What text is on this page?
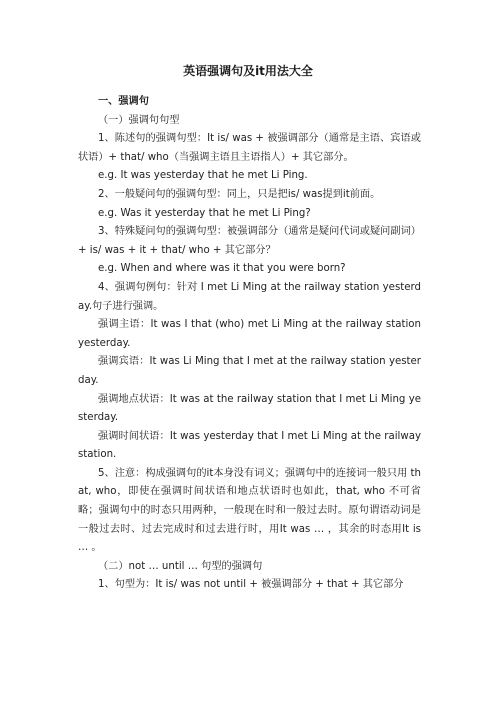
英语强调句及it用法大全

一、强调句

（一）强调句句型

1、陈述句的强调句型：It is/ was + 被强调部分（通常是主语、宾语或状语）+ that/ who（当强调主语且主语指人）+ 其它部分。

e.g. It was yesterday that he met Li Ping.

2、一般疑问句的强调句型：同上，只是把is/ was提到it前面。

e.g. Was it yesterday that he met Li Ping?

3、特殊疑问句的强调句型：被强调部分（通常是疑问代词或疑问副词）+ is/ was + it + that/ who + 其它部分？

e.g. When and where was it that you were born?

4、强调句例句：针对 I met Li Ming at the railway station yesterday.句子进行强调。

强调主语：It was I that (who) met Li Ming at the railway station yesterday.

强调宾语：It was Li Ming that I met at the railway station yesterday.

强调地点状语：It was at the railway station that I met Li Ming yesterday.

强调时间状语：It was yesterday that I met Li Ming at the railway station.

5、注意：构成强调句的it本身没有词义；强调句中的连接词一般只用 that, who，即使在强调时间状语和地点状语时也如此，that, who 不可省略；强调句中的时态只用两种，一般现在时和一般过去时。原句谓语动词是一般过去时、过去完成时和过去进行时，用It was … ，其余的时态用It is … 。

（二）not … until … 句型的强调句

1、句型为：It is/ was not until + 被强调部分 + that + 其它部分
